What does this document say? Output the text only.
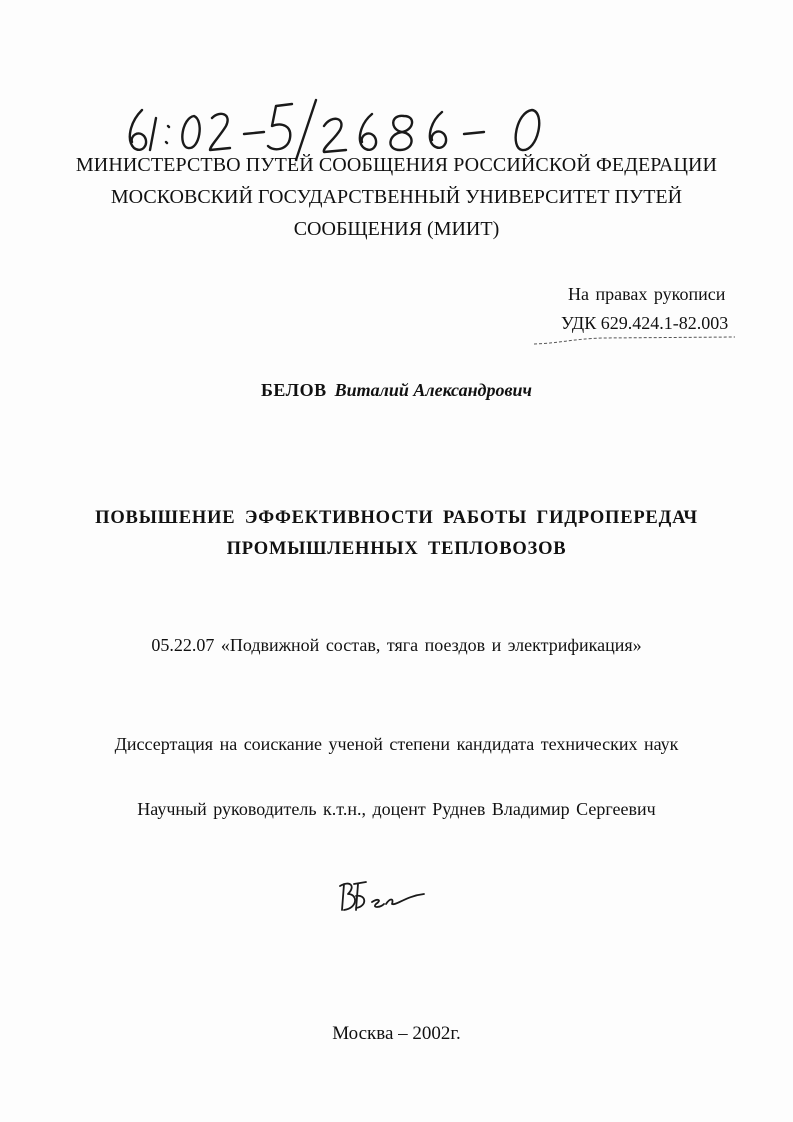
МИНИСТЕРСТВО ПУТЕЙ СООБЩЕНИЯ РОССИЙСКОЙ ФЕДЕРАЦИИ
МОСКОВСКИЙ ГОСУДАРСТВЕННЫЙ УНИВЕРСИТЕТ ПУТЕЙ
СООБЩЕНИЯ (МИИТ)
На правах рукописи
УДК 629.424.1-82.003
БЕЛОВ Виталий Александрович
ПОВЫШЕНИЕ ЭФФЕКТИВНОСТИ РАБОТЫ ГИДРОПЕРЕДАЧ
ПРОМЫШЛЕННЫХ ТЕПЛОВОЗОВ
05.22.07 «Подвижной состав, тяга поездов и электрификация»
Диссертация на соискание ученой степени кандидата технических наук
Научный руководитель к.т.н., доцент Руднев Владимир Сергеевич
Москва – 2002г.
